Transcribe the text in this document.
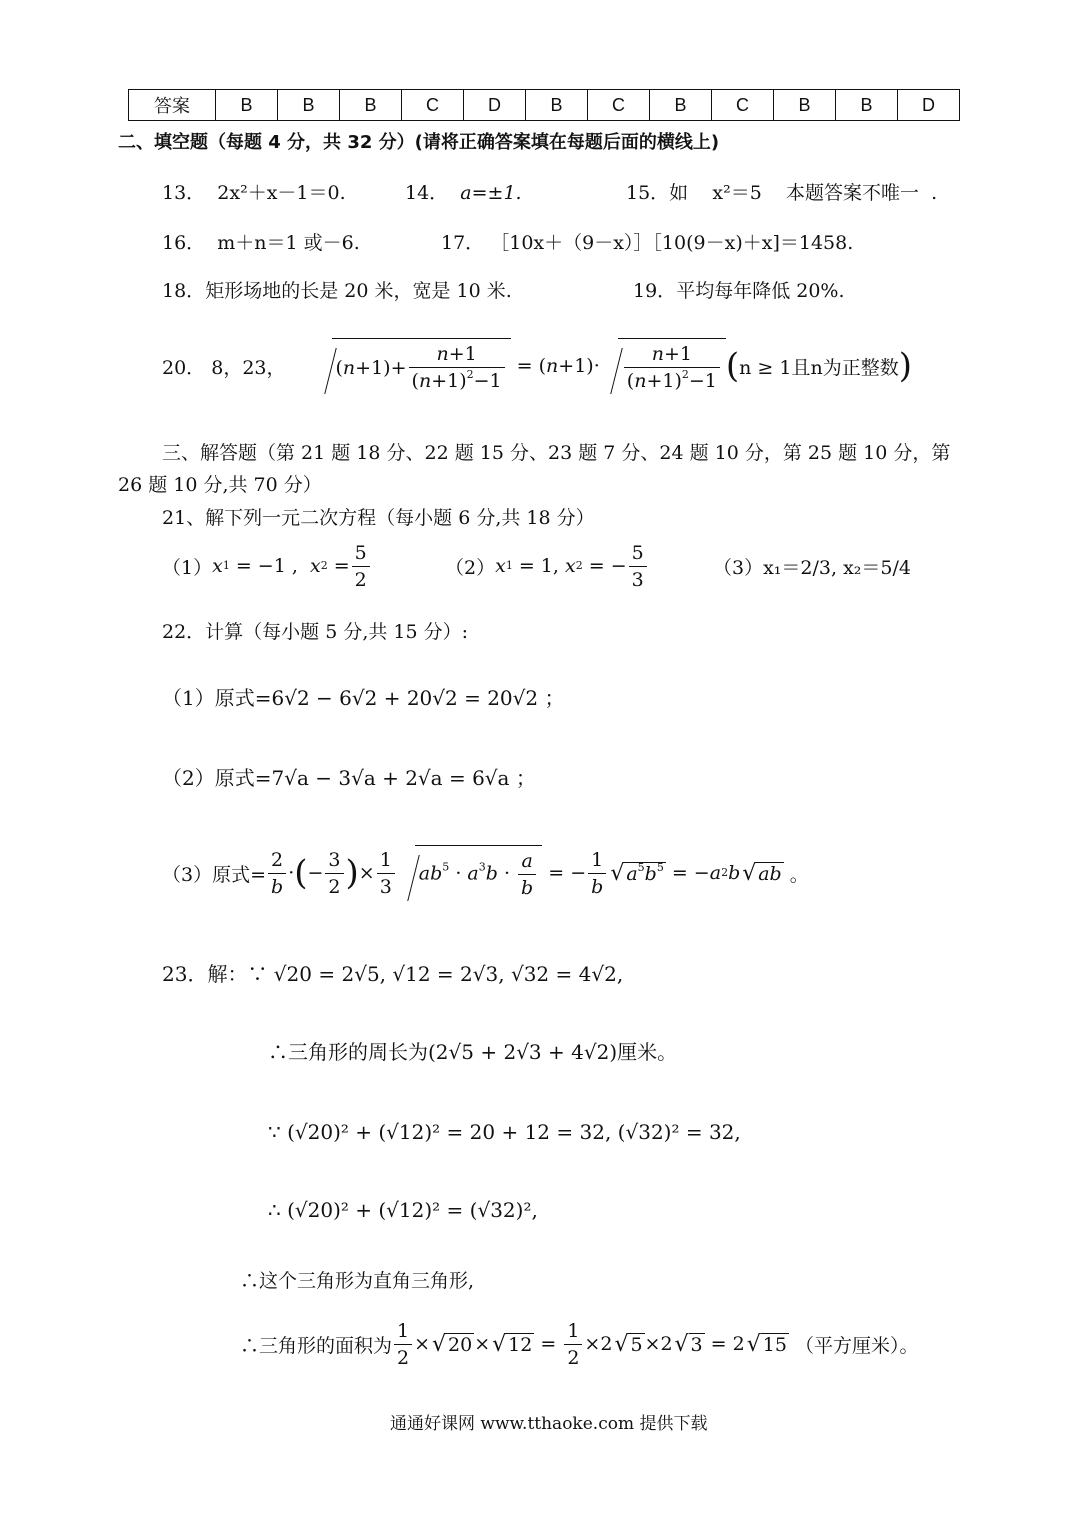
答案	B	B	B	C	D	B	C	B	C	B	B	D
二、填空题（每题 4 分，共 32 分）(请将正确答案填在每题后面的横线上)
13． 2x²＋x－1＝0.	14． a=±1.	15．如 x²＝5 本题答案不唯一 .
16． m＋n＝1 或－6.	17． ［10x＋（9－x）］［10(9－x)＋x]＝1458.
18．矩形场地的长是 20 米，宽是 10 米.	19．平均每年降低 20%.
20．
8，23，	( $n +1)+ \frac{n+1}{(n+1)^2-1}$ = ( $n +1)\cdot \frac{n+1}{(n+1)^2-1}$ ( n ≥ 1且n为正整数 )
三、解答题（第 21 题 18 分、22 题 15 分、23 题 7 分、24 题 10 分，第 25 题 10 分，第
26 题 10 分,共 70 分）
21、解下列一元二次方程（每小题 6 分,共 18 分）
（1） x 1 = −1 , x $2 = \frac{5}{2}$	（2） x 1 = 1, x 2 = − $\frac{5}{3}$	（3） x₁＝2/3, x₂＝5/4
22．计算（每小题 5 分,共 15 分）:
（1）原式=6√2 − 6√2 + 20√2 = 20√2 ；
（2）原式=7√a − 3√a + 2√a = 6√a ；
（3）原式= $\frac{2}{b}$ · ( − $\frac{3}{2}$ ) × $\frac{1}{3}$	$ab^5 \cdot a^3b \cdot \frac{a}{b}$ = − $\frac{1}{b}$	√ $a^5b^5$ = − a 2 b √ ab 。
23．解：∵ √20 = 2√5, √12 = 2√3, √32 = 4√2,
∴三角形的周长为(2√5 + 2√3 + 4√2)厘米。
∵ (√20)² + (√12)² = 20 + 12 = 32, (√32)² = 32,
∴ (√20)² + (√12)² = (√32)²,
∴这个三角形为直角三角形,
∴三角形的面积为 $\frac{1}{2}$ × √ 20 × √ $12 = \frac{1}{2} \times 2$ √ 5 ×2 √ 3 = 2 √ 15
（平方厘米）。
通通好课网 www.tthaoke.com 提供下载
